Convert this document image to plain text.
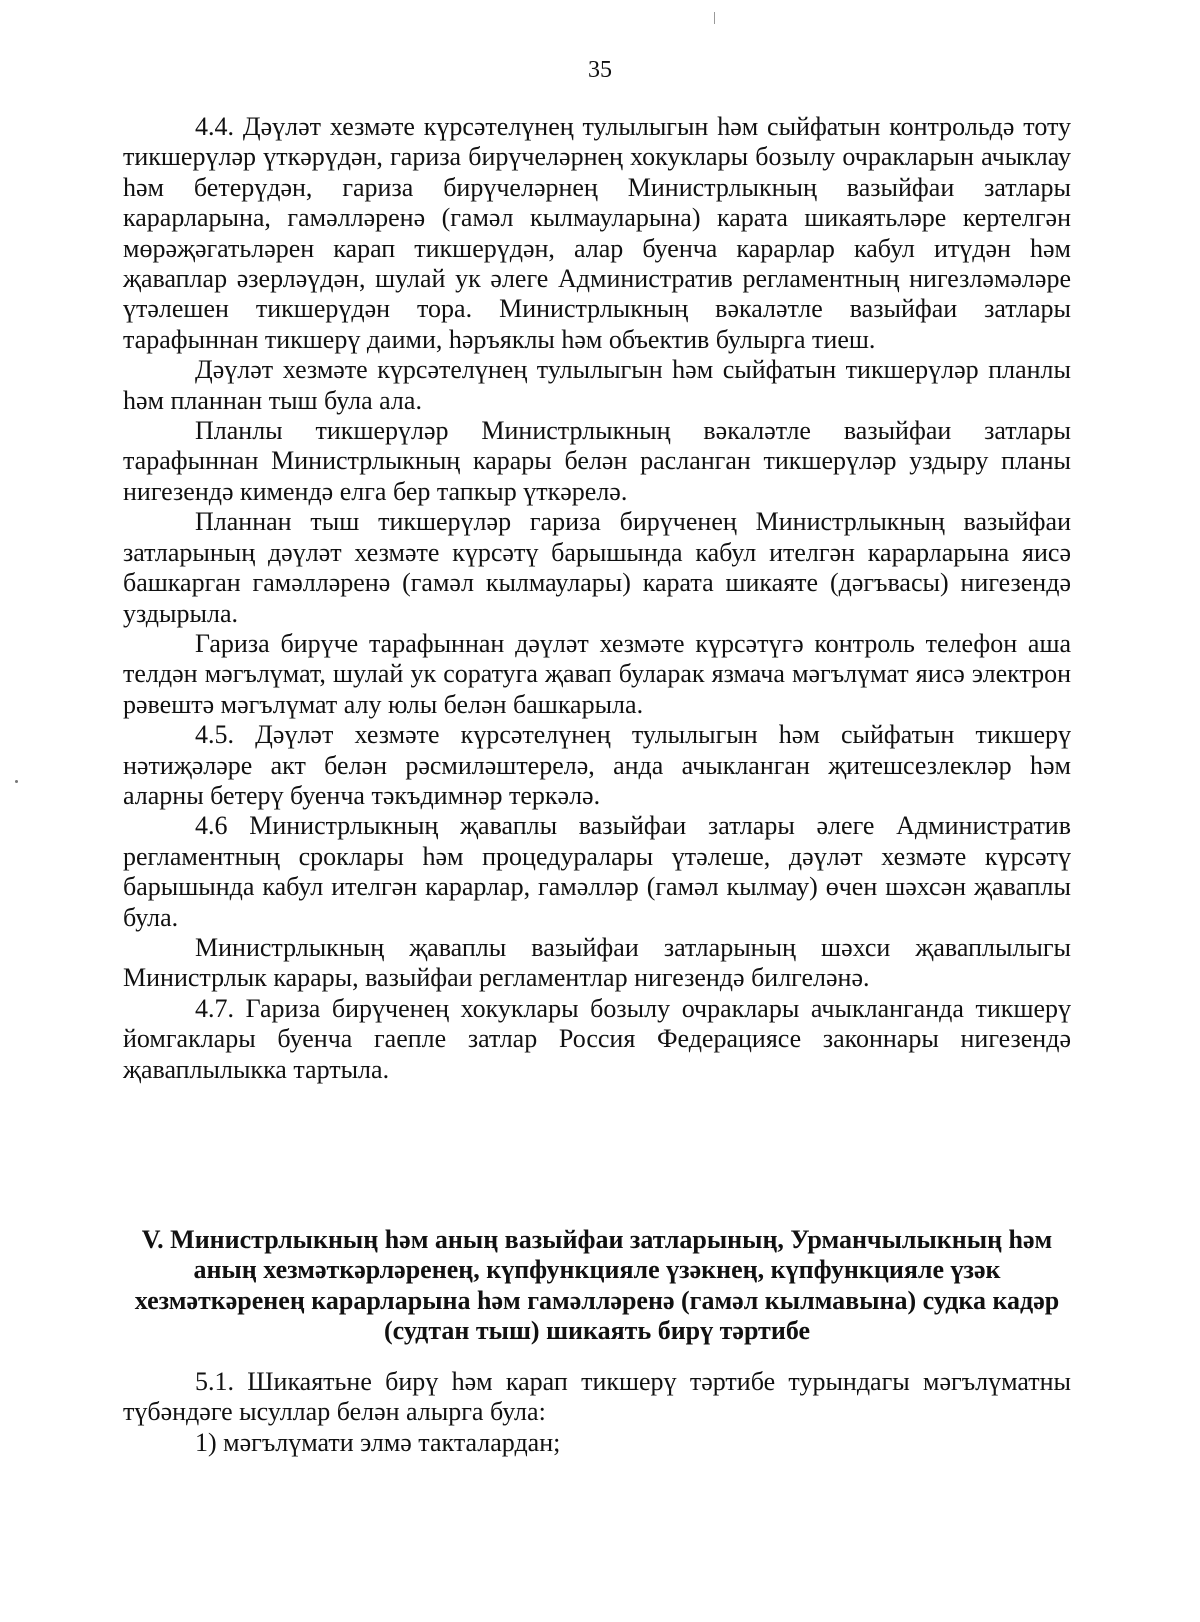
35

4.4. Дәүләт хезмәте күрсәтелүнең тулылыгын һәм сыйфатын контрольдә тоту тикшерүләр үткәрүдән, гариза бирүчеләрнең хокуклары бозылу очракларын ачыклау һәм бетерүдән, гариза бирүчеләрнең Министрлыкның вазыйфаи затлары карарларына, гамәлләренә (гамәл кылмауларына) карата шикаятьләре кертелгән мөрәҗәгатьләрен карап тикшерүдән, алар буенча карарлар кабул итүдән һәм җаваплар әзерләүдән, шулай ук әлеге Административ регламентның нигезләмәләре үтәлешен тикшерүдән тора. Министрлыкның вәкаләтле вазыйфаи затлары тарафыннан тикшерү даими, һәръяклы һәм объектив булырга тиеш.

Дәүләт хезмәте күрсәтелүнең тулылыгын һәм сыйфатын тикшерүләр планлы һәм планнан тыш була ала.

Планлы тикшерүләр Министрлыкның вәкаләтле вазыйфаи затлары тарафыннан Министрлыкның карары белән расланган тикшерүләр уздыру планы нигезендә кимендә елга бер тапкыр үткәрелә.

Планнан тыш тикшерүләр гариза бирүченең Министрлыкның вазыйфаи затларының дәүләт хезмәте күрсәтү барышында кабул ителгән карарларына яисә башкарган гамәлләренә (гамәл кылмаулары) карата шикаяте (дәгъвасы) нигезендә уздырыла.

Гариза бирүче тарафыннан дәүләт хезмәте күрсәтүгә контроль телефон аша телдән мәгълүмат, шулай ук соратуга җавап буларак язмача мәгълүмат яисә электрон рәвештә мәгълүмат алу юлы белән башкарыла.

4.5. Дәүләт хезмәте күрсәтелүнең тулылыгын һәм сыйфатын тикшерү нәтиҗәләре акт белән рәсмиләштерелә, анда ачыкланган җитешсезлекләр һәм аларны бетерү буенча тәкъдимнәр теркәлә.

4.6 Министрлыкның җаваплы вазыйфаи затлары әлеге Административ регламентның сроклары һәм процедуралары үтәлеше, дәүләт хезмәте күрсәтү барышында кабул ителгән карарлар, гамәлләр (гамәл кылмау) өчен шәхсән җаваплы була.

Министрлыкның җаваплы вазыйфаи затларының шәхси җаваплылыгы Министрлык карары, вазыйфаи регламентлар нигезендә билгеләнә.

4.7. Гариза бирүченең хокуклары бозылу очраклары ачыкланганда тикшерү йомгаклары буенча гаепле затлар Россия Федерациясе законнары нигезендә җаваплылыкка тартыла.

V. Министрлыкның һәм аның вазыйфаи затларының, Урманчылыкның һәм аның хезмәткәрләренең, күпфункцияле үзәкнең, күпфункцияле үзәк хезмәткәренең карарларына һәм гамәлләренә (гамәл кылмавына) судка кадәр (судтан тыш) шикаять бирү тәртибе

5.1. Шикаятьне бирү һәм карап тикшерү тәртибе турындагы мәгълүматны түбәндәге ысуллар белән алырга була:

1) мәгълүмати элмә такталардан;
